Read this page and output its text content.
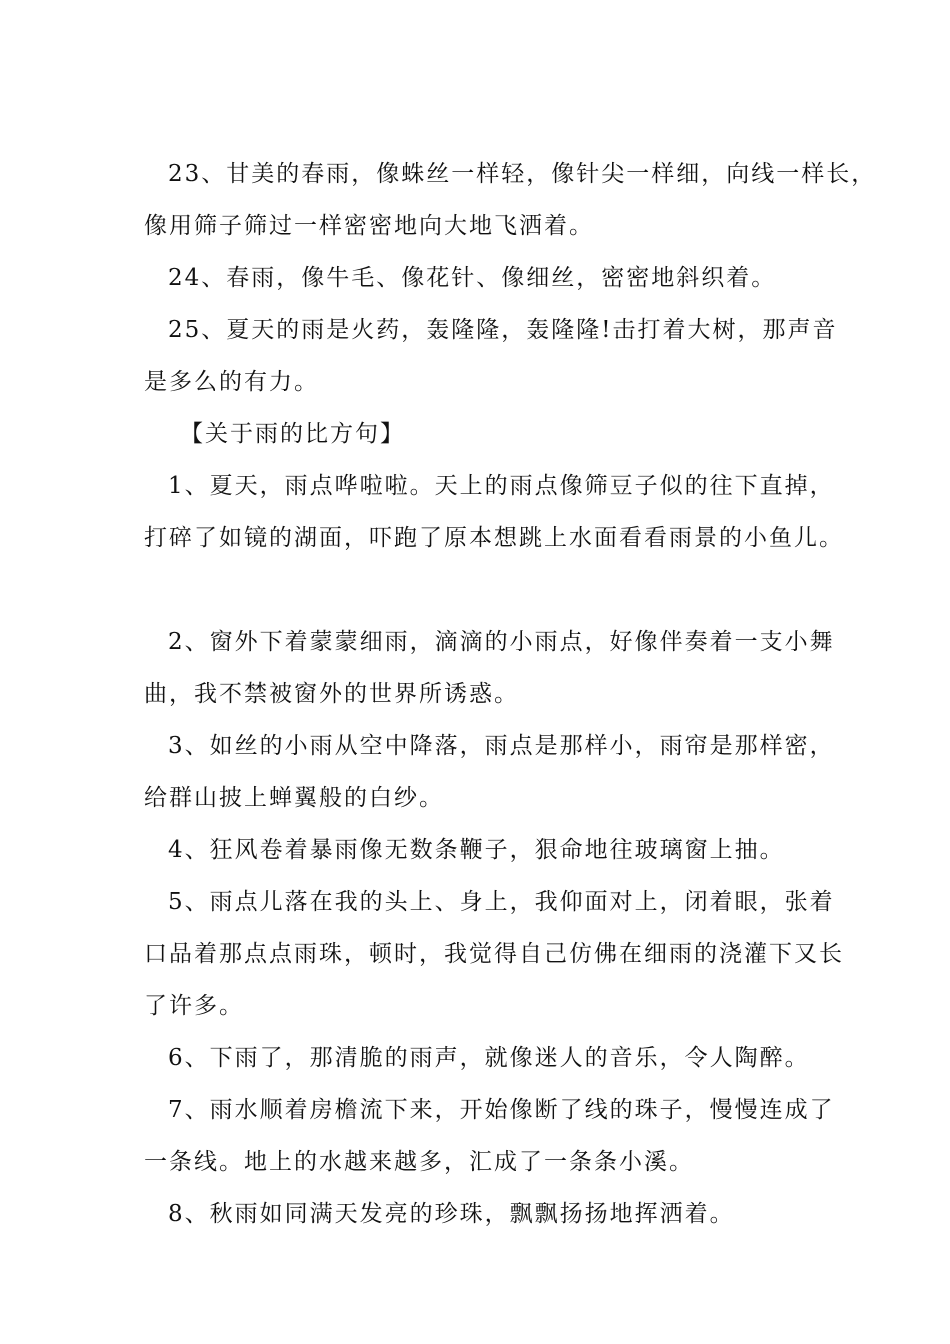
23、甘美的春雨，像蛛丝一样轻，像针尖一样细，向线一样长，
像用筛子筛过一样密密地向大地飞洒着。

24、春雨，像牛毛、像花针、像细丝，密密地斜织着。

25、夏天的雨是火药，轰隆隆，轰隆隆!击打着大树，那声音
是多么的有力。

【关于雨的比方句】

1、夏天，雨点哗啦啦。天上的雨点像筛豆子似的往下直掉，
打碎了如镜的湖面，吓跑了原本想跳上水面看看雨景的小鱼儿。

2、窗外下着蒙蒙细雨，滴滴的小雨点，好像伴奏着一支小舞
曲，我不禁被窗外的世界所诱惑。

3、如丝的小雨从空中降落，雨点是那样小，雨帘是那样密，
给群山披上蝉翼般的白纱。

4、狂风卷着暴雨像无数条鞭子，狠命地往玻璃窗上抽。

5、雨点儿落在我的头上、身上，我仰面对上，闭着眼，张着
口品着那点点雨珠，顿时，我觉得自己仿佛在细雨的浇灌下又长
了许多。

6、下雨了，那清脆的雨声，就像迷人的音乐，令人陶醉。

7、雨水顺着房檐流下来，开始像断了线的珠子，慢慢连成了
一条线。地上的水越来越多，汇成了一条条小溪。

8、秋雨如同满天发亮的珍珠，飘飘扬扬地挥洒着。
